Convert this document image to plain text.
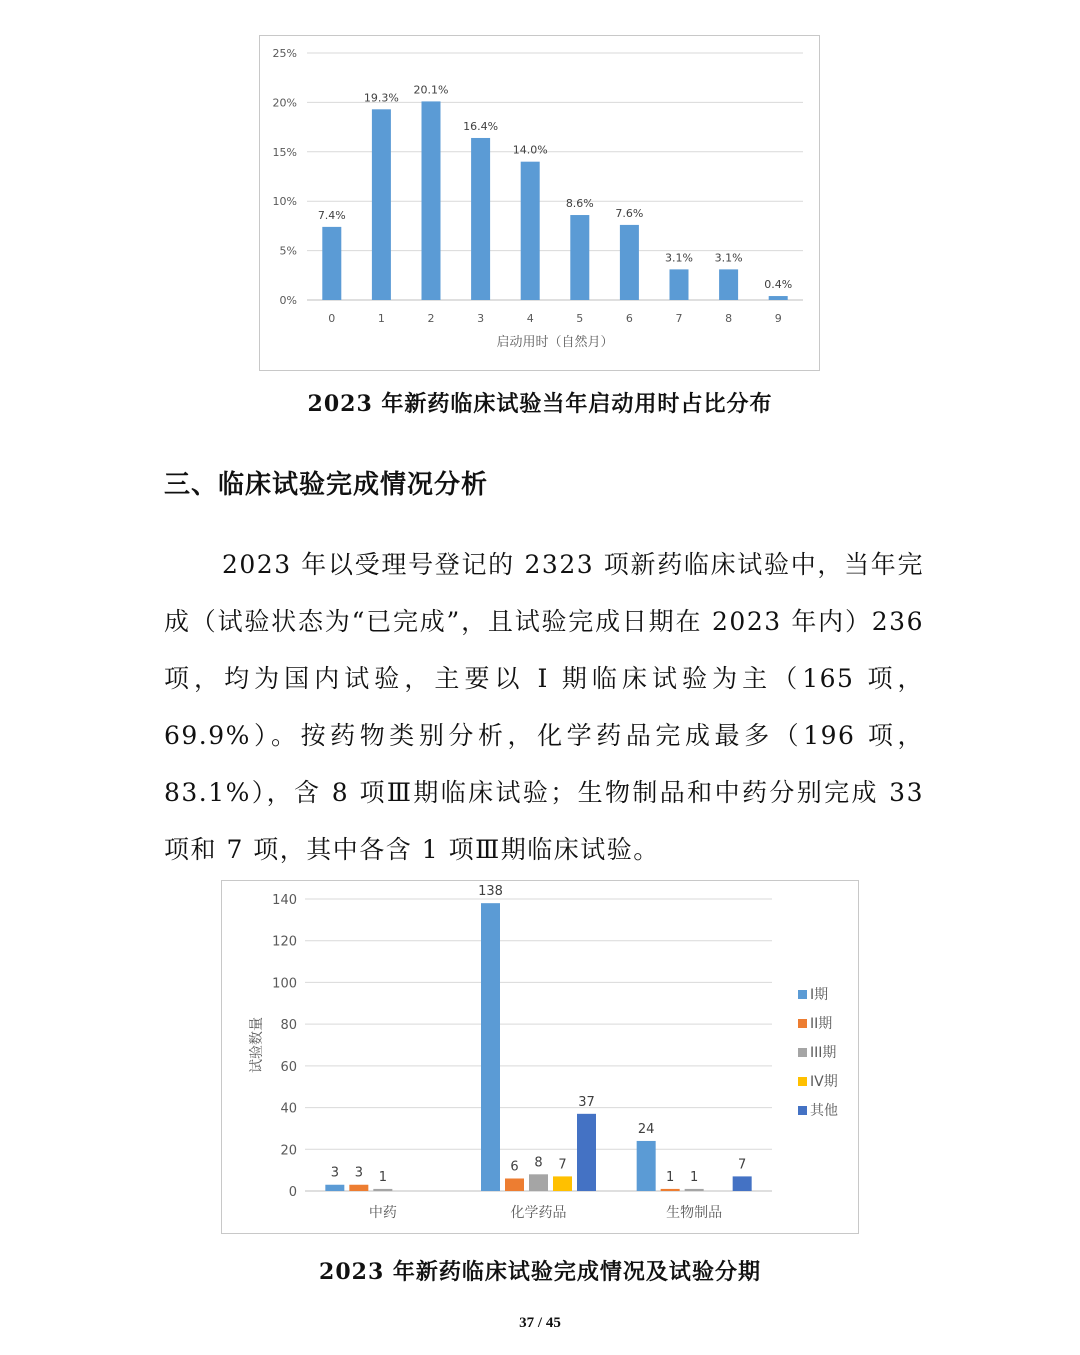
0%
5%
10%
15%
20%
25%
7.4%
0
19.3%
1
20.1%
2
16.4%
3
14.0%
4
8.6%
5
7.6%
6
3.1%
7
3.1%
8
0.4%
9
启动用时（自然月）
2023 年新药临床试验当年启动用时占比分布
三、临床试验完成情况分析

2023 年以受理号登记的 2323 项新药临床试验中，当年完成（试验状态为“已完成”，且试验完成日期在 2023 年内）236 项，均为国内试验，主要以 I 期临床试验为主（165 项，69.9%）。按药物类别分析，化学药品完成最多（196 项，83.1%），含 8 项Ⅲ期临床试验；生物制品和中药分别完成 33 项和 7 项，其中各含 1 项Ⅲ期临床试验。

0
20
40
60
80
100
120
140
3 3 1
中药
138
6 8 7
37
化学药品
24
1 1
7
生物制品
试验数量
I期
II期
III期
IV期
其他
2023 年新药临床试验完成情况及试验分期
37 / 45
